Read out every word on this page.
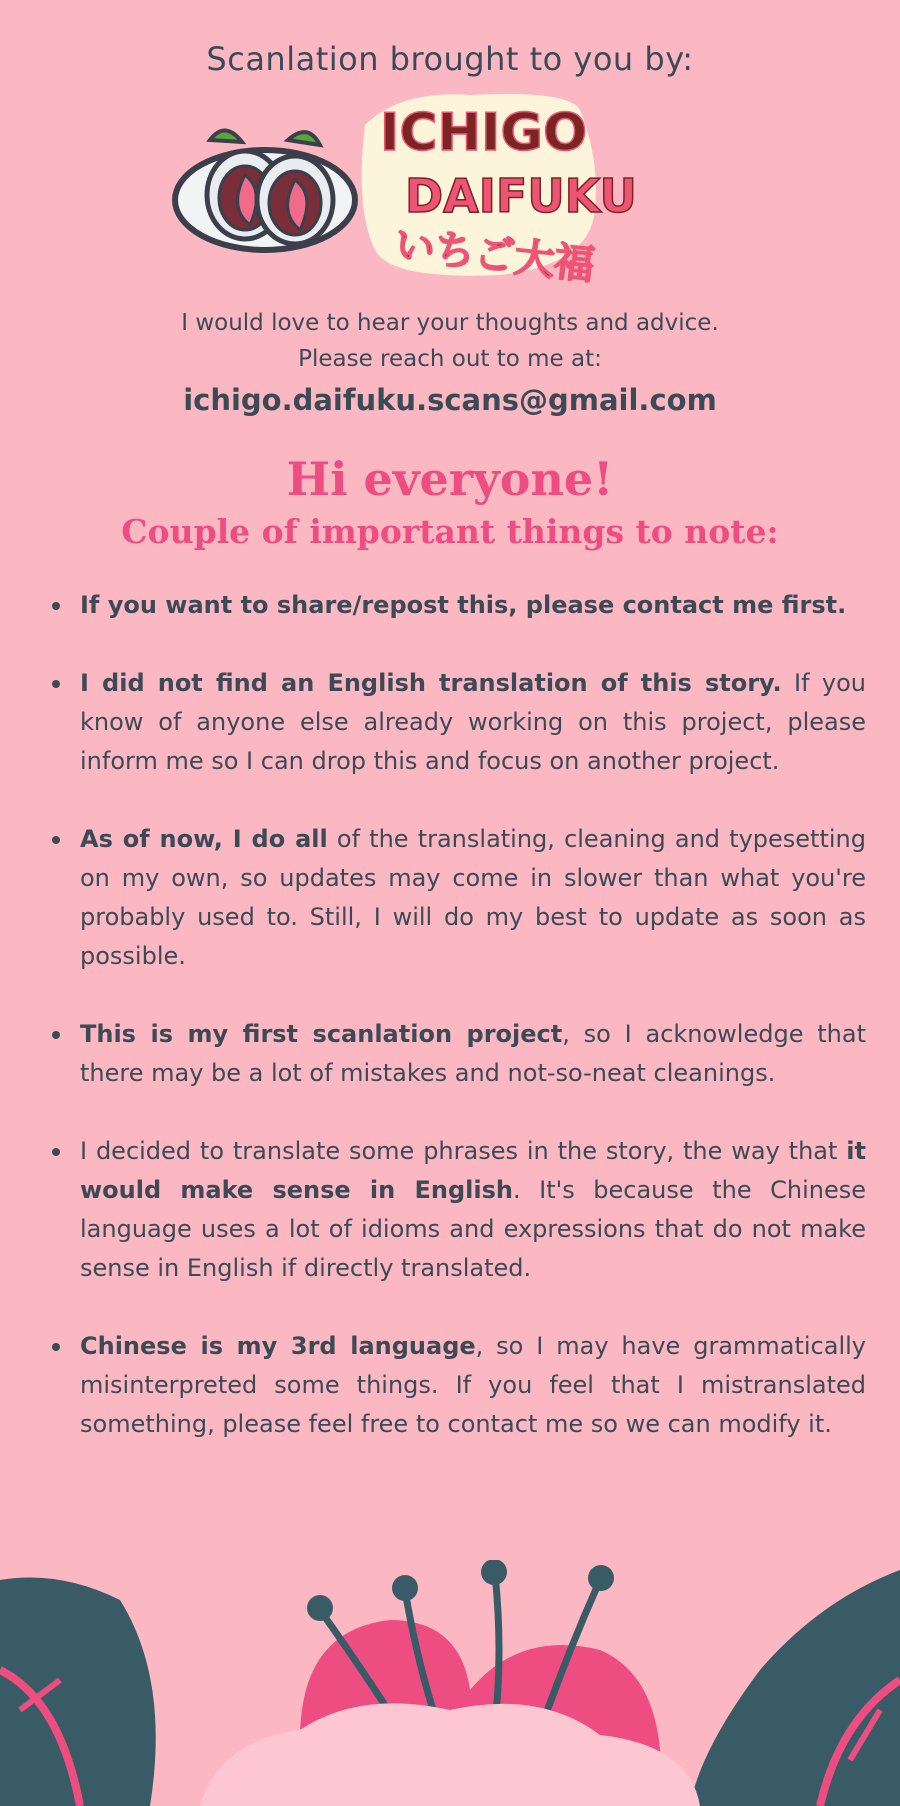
Scanlation brought to you by:
ICHIGO
DAIFUKU
いちご大福
I would love to hear your thoughts and advice.
Please reach out to me at:
ichigo.daifuku.scans@gmail.com
Hi everyone!
Couple of important things to note:
If you want to share/repost this, please contact me first.
I did not find an English translation of this story. If you know of anyone else already working on this project, please inform me so I can drop this and focus on another project.
As of now, I do all of the translating, cleaning and typesetting on my own, so updates may come in slower than what you're probably used to. Still, I will do my best to update as soon as possible.
This is my first scanlation project, so I acknowledge that there may be a lot of mistakes and not-so-neat cleanings.
I decided to translate some phrases in the story, the way that it would make sense in English. It's because the Chinese language uses a lot of idioms and expressions that do not make sense in English if directly translated.
Chinese is my 3rd language, so I may have grammatically misinterpreted some things. If you feel that I mistranslated something, please feel free to contact me so we can modify it.
